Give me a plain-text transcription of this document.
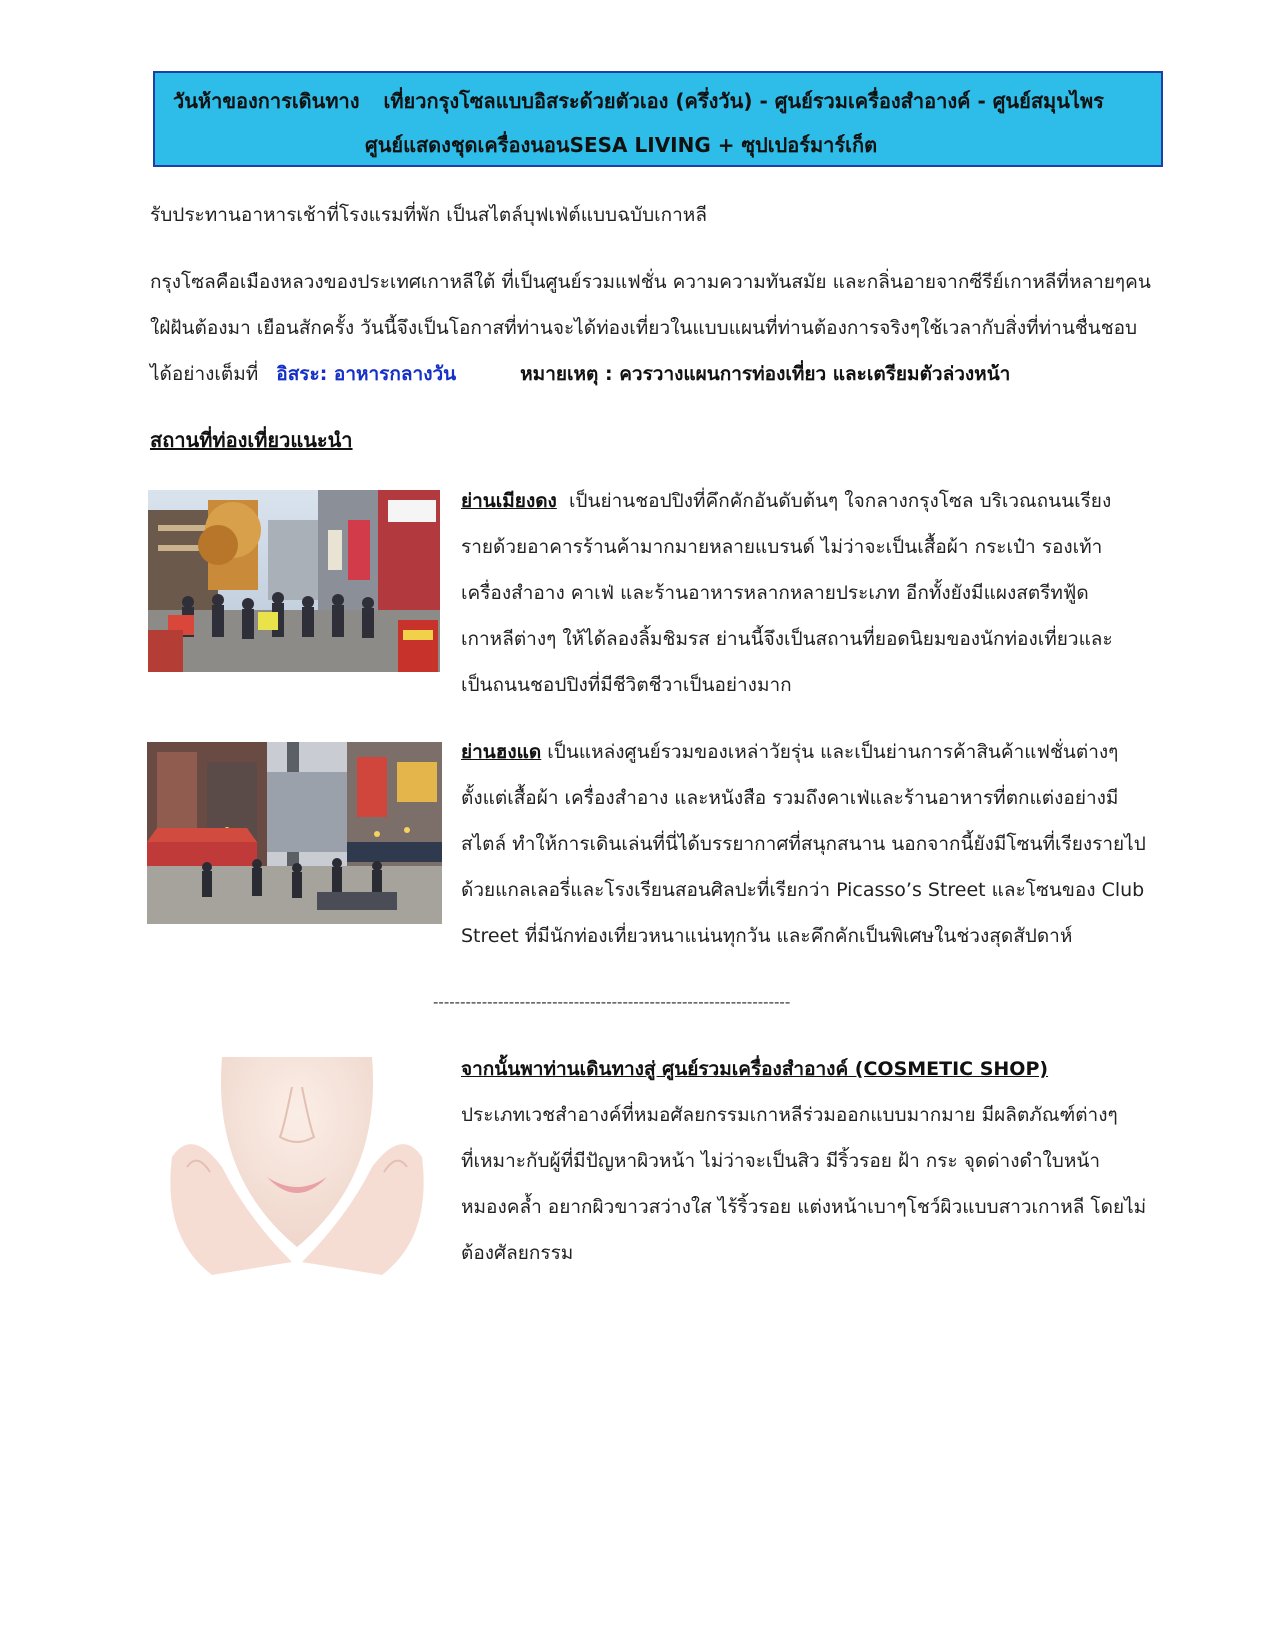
วันห้าของการเดินทาง เที่ยวกรุงโซลแบบอิสระด้วยตัวเอง (ครึ่งวัน) - ศูนย์รวมเครื่องสำอางค์ - ศูนย์สมุนไพร
ศูนย์แสดงชุดเครื่องนอนSESA LIVING + ซุปเปอร์มาร์เก็ต
รับประทานอาหารเช้าที่โรงแรมที่พัก เป็นสไตล์บุฟเฟ่ต์แบบฉบับเกาหลี
กรุงโซลคือเมืองหลวงของประเทศเกาหลีใต้ ที่เป็นศูนย์รวมแฟชั่น ความความทันสมัย และกลิ่นอายจากซีรีย์เกาหลีที่หลายๆคน
ใฝ่ฝันต้องมา เยือนสักครั้ง วันนี้จึงเป็นโอกาสที่ท่านจะได้ท่องเที่ยวในแบบแผนที่ท่านต้องการจริงๆใช้เวลากับสิ่งที่ท่านชื่นชอบ
ได้อย่างเต็มที่ อิสระ: อาหารกลางวัน	หมายเหตุ : ควรวางแผนการท่องเที่ยว และเตรียมตัวล่วงหน้า
สถานที่ท่องเที่ยวแนะนำ
ย่านเมียงดง เป็นย่านชอปปิงที่คึกคักอันดับต้นๆ ใจกลางกรุงโซล บริเวณถนนเรียง
รายด้วยอาคารร้านค้ามากมายหลายแบรนด์ ไม่ว่าจะเป็นเสื้อผ้า กระเป๋า รองเท้า
เครื่องสำอาง คาเฟ่ และร้านอาหารหลากหลายประเภท อีกทั้งยังมีแผงสตรีทฟู้ด
เกาหลีต่างๆ ให้ได้ลองลิ้มชิมรส ย่านนี้จึงเป็นสถานที่ยอดนิยมของนักท่องเที่ยวและ
เป็นถนนชอปปิงที่มีชีวิตชีวาเป็นอย่างมาก
ย่านฮงแด เป็นแหล่งศูนย์รวมของเหล่าวัยรุ่น และเป็นย่านการค้าสินค้าแฟชั่นต่างๆ
ตั้งแต่เสื้อผ้า เครื่องสำอาง และหนังสือ รวมถึงคาเฟ่และร้านอาหารที่ตกแต่งอย่างมี
สไตล์ ทำให้การเดินเล่นที่นี่ได้บรรยากาศที่สนุกสนาน นอกจากนี้ยังมีโซนที่เรียงรายไป
ด้วยแกลเลอรี่และโรงเรียนสอนศิลปะที่เรียกว่า Picasso’s Street และโซนของ Club
Street ที่มีนักท่องเที่ยวหนาแน่นทุกวัน และคึกคักเป็นพิเศษในช่วงสุดสัปดาห์
------------------------------------------------------------------
จากนั้นพาท่านเดินทางสู่ ศูนย์รวมเครื่องสำอางค์ (COSMETIC SHOP)
ประเภทเวชสำอางค์ที่หมอศัลยกรรมเกาหลีร่วมออกแบบมากมาย มีผลิตภัณฑ์ต่างๆ
ที่เหมาะกับผู้ที่มีปัญหาผิวหน้า ไม่ว่าจะเป็นสิว มีริ้วรอย ฝ้า กระ จุดด่างดำใบหน้า
หมองคล้ำ อยากผิวขาวสว่างใส ไร้ริ้วรอย แต่งหน้าเบาๆโชว์ผิวแบบสาวเกาหลี โดยไม่
ต้องศัลยกรรม
